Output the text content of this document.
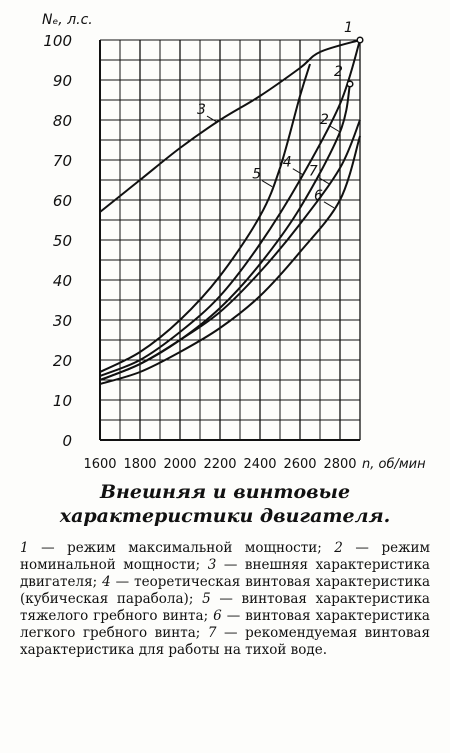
0
10
20
30
40
50
60
70
80
90
100
1600 1800 2000 2200 2400 2600 2800
Nₑ, л.с.
n, об/мин
3
5
4
2
7
6
1
2
Внешняя и винтовые характеристики двигателя.
1 — режим максимальной мощности; 2 — режим номинальной мощности; 3 — внешняя характеристика двигателя; 4 — теоретическая винтовая характеристика (кубическая парабола); 5 — винтовая характеристика тяжелого гребного винта; 6 — винтовая характеристика легкого гребного винта; 7 — рекомендуемая винтовая характеристика для работы на тихой воде.
